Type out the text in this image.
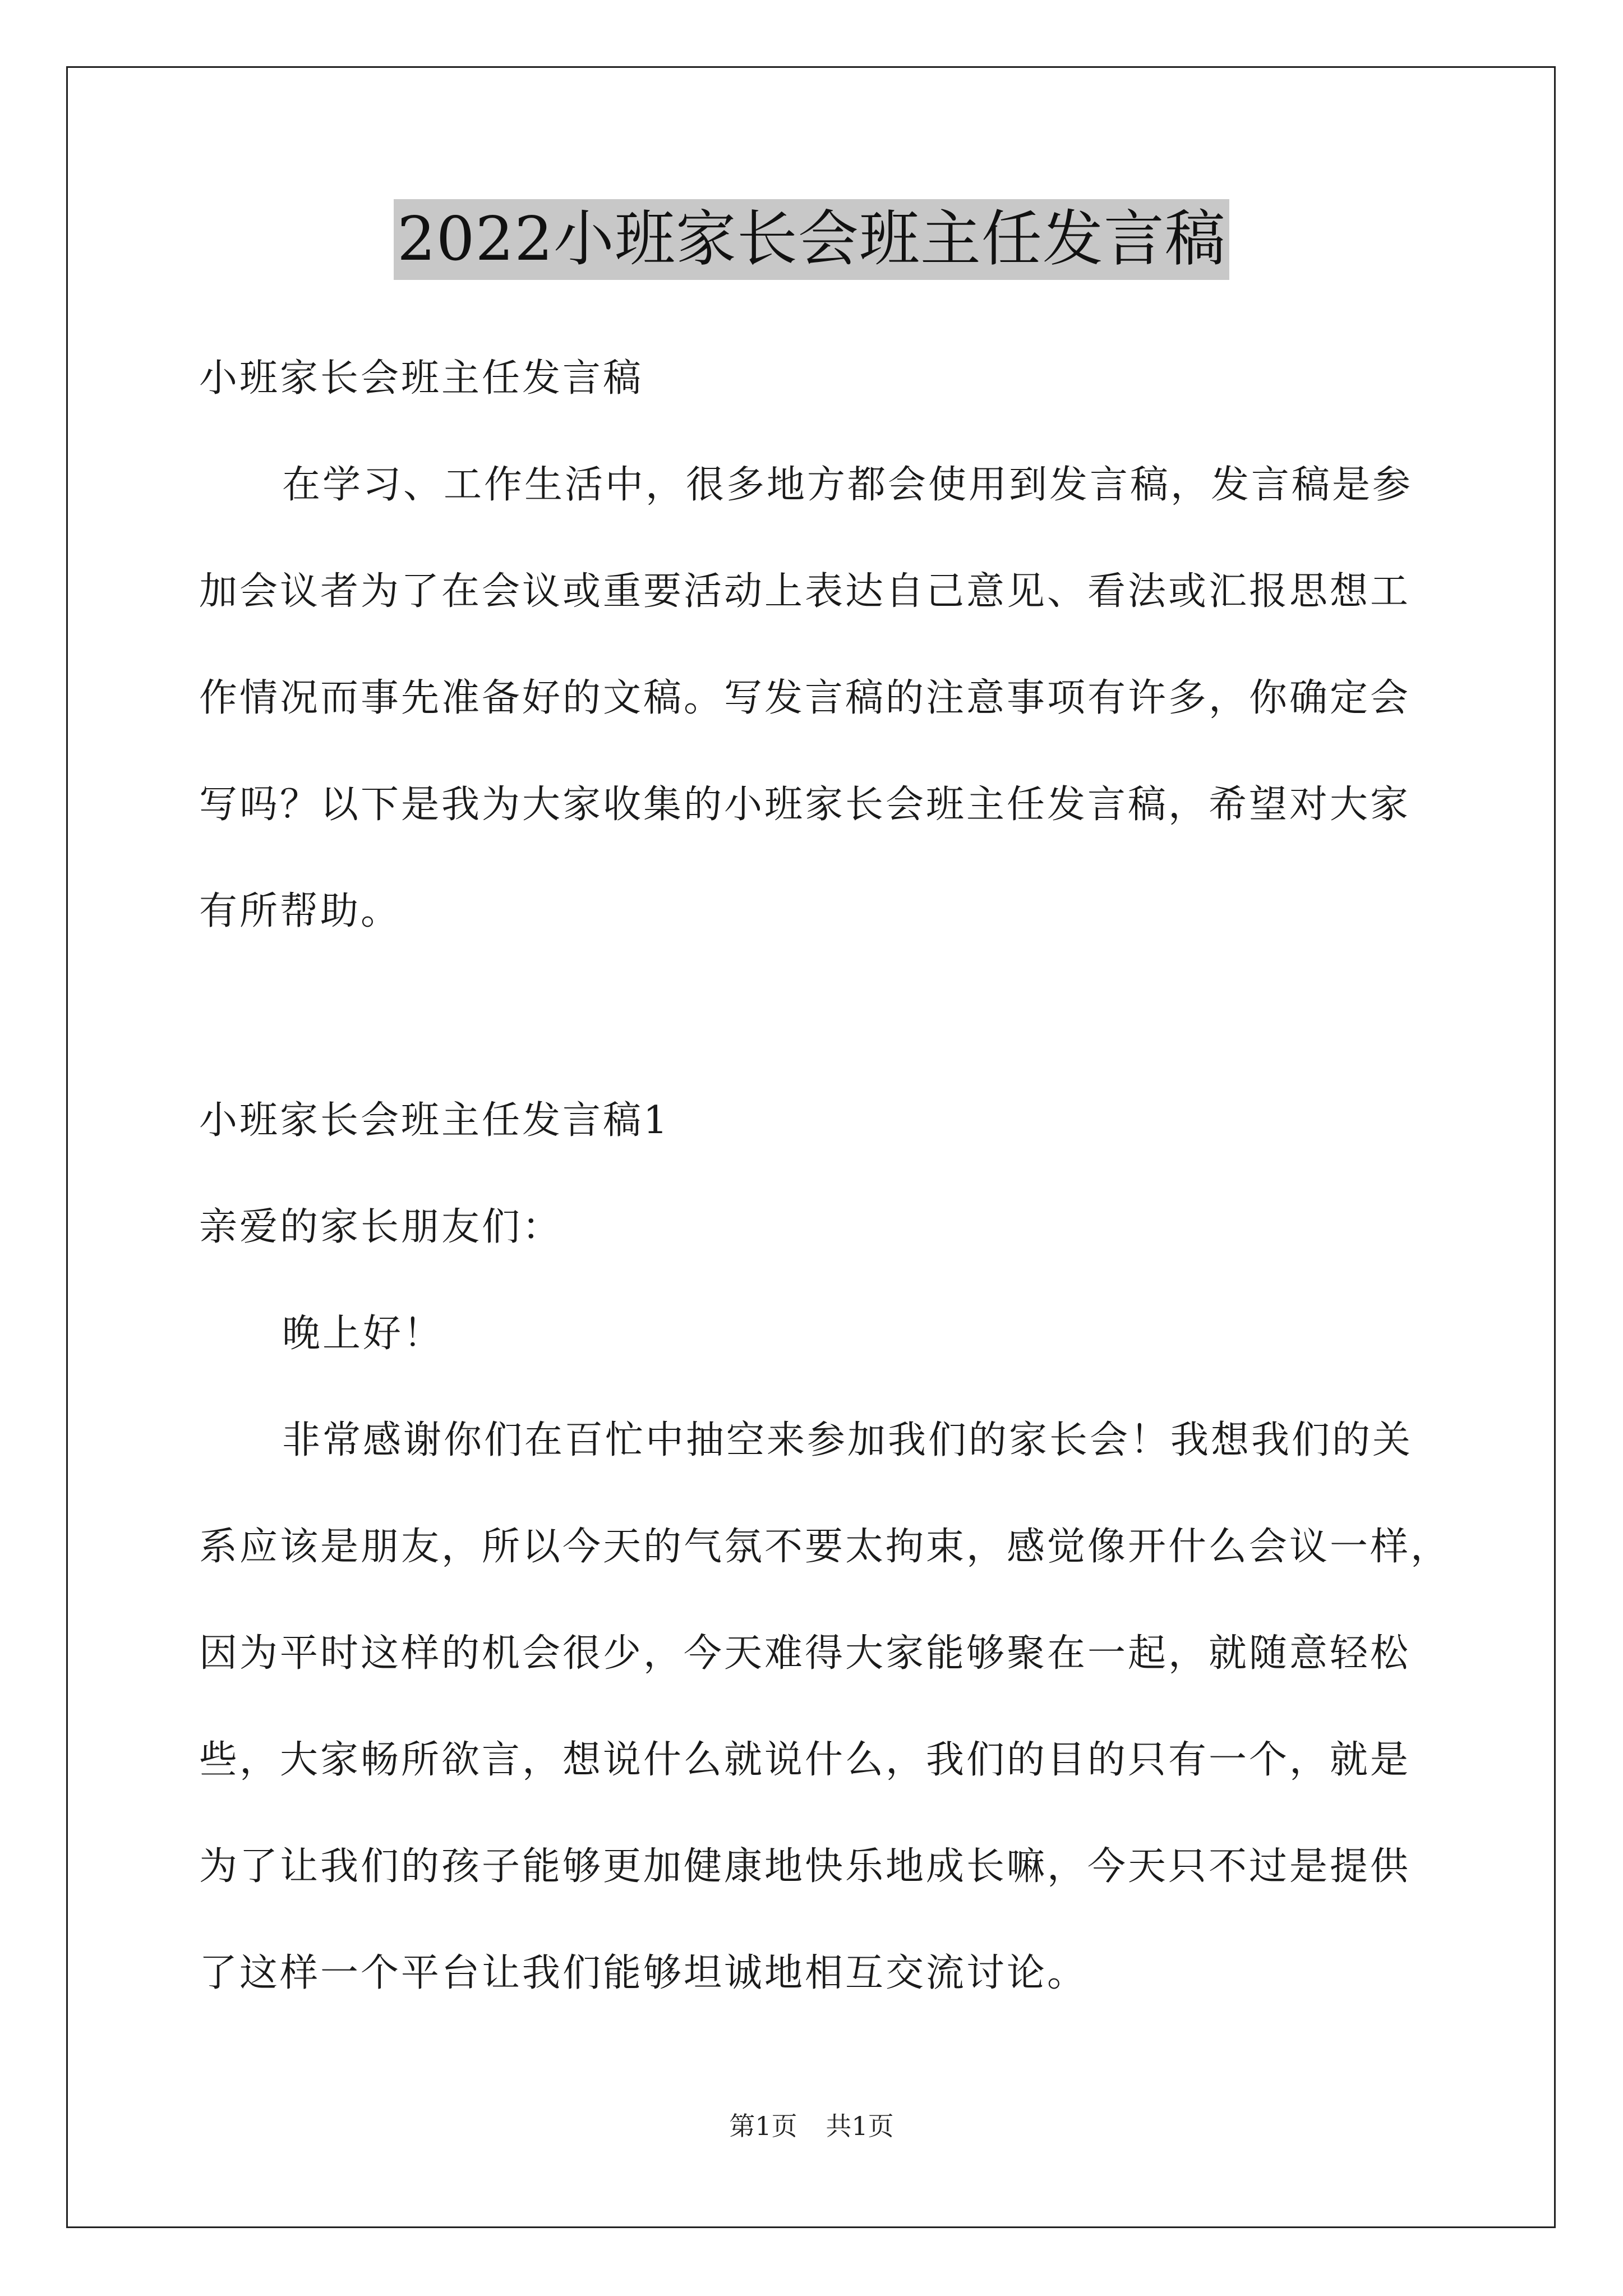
2022小班家长会班主任发言稿
小班家长会班主任发言稿
在学习、工作生活中，很多地方都会使用到发言稿，发言稿是参
加会议者为了在会议或重要活动上表达自己意见、看法或汇报思想工
作情况而事先准备好的文稿。写发言稿的注意事项有许多，你确定会
写吗？以下是我为大家收集的小班家长会班主任发言稿，希望对大家
有所帮助。
小班家长会班主任发言稿1
亲爱的家长朋友们：
晚上好！
非常感谢你们在百忙中抽空来参加我们的家长会！我想我们的关
系应该是朋友，所以今天的气氛不要太拘束，感觉像开什么会议一样，
因为平时这样的机会很少，今天难得大家能够聚在一起，就随意轻松
些，大家畅所欲言，想说什么就说什么，我们的目的只有一个，就是
为了让我们的孩子能够更加健康地快乐地成长嘛，今天只不过是提供
了这样一个平台让我们能够坦诚地相互交流讨论。
第1页 共1页
